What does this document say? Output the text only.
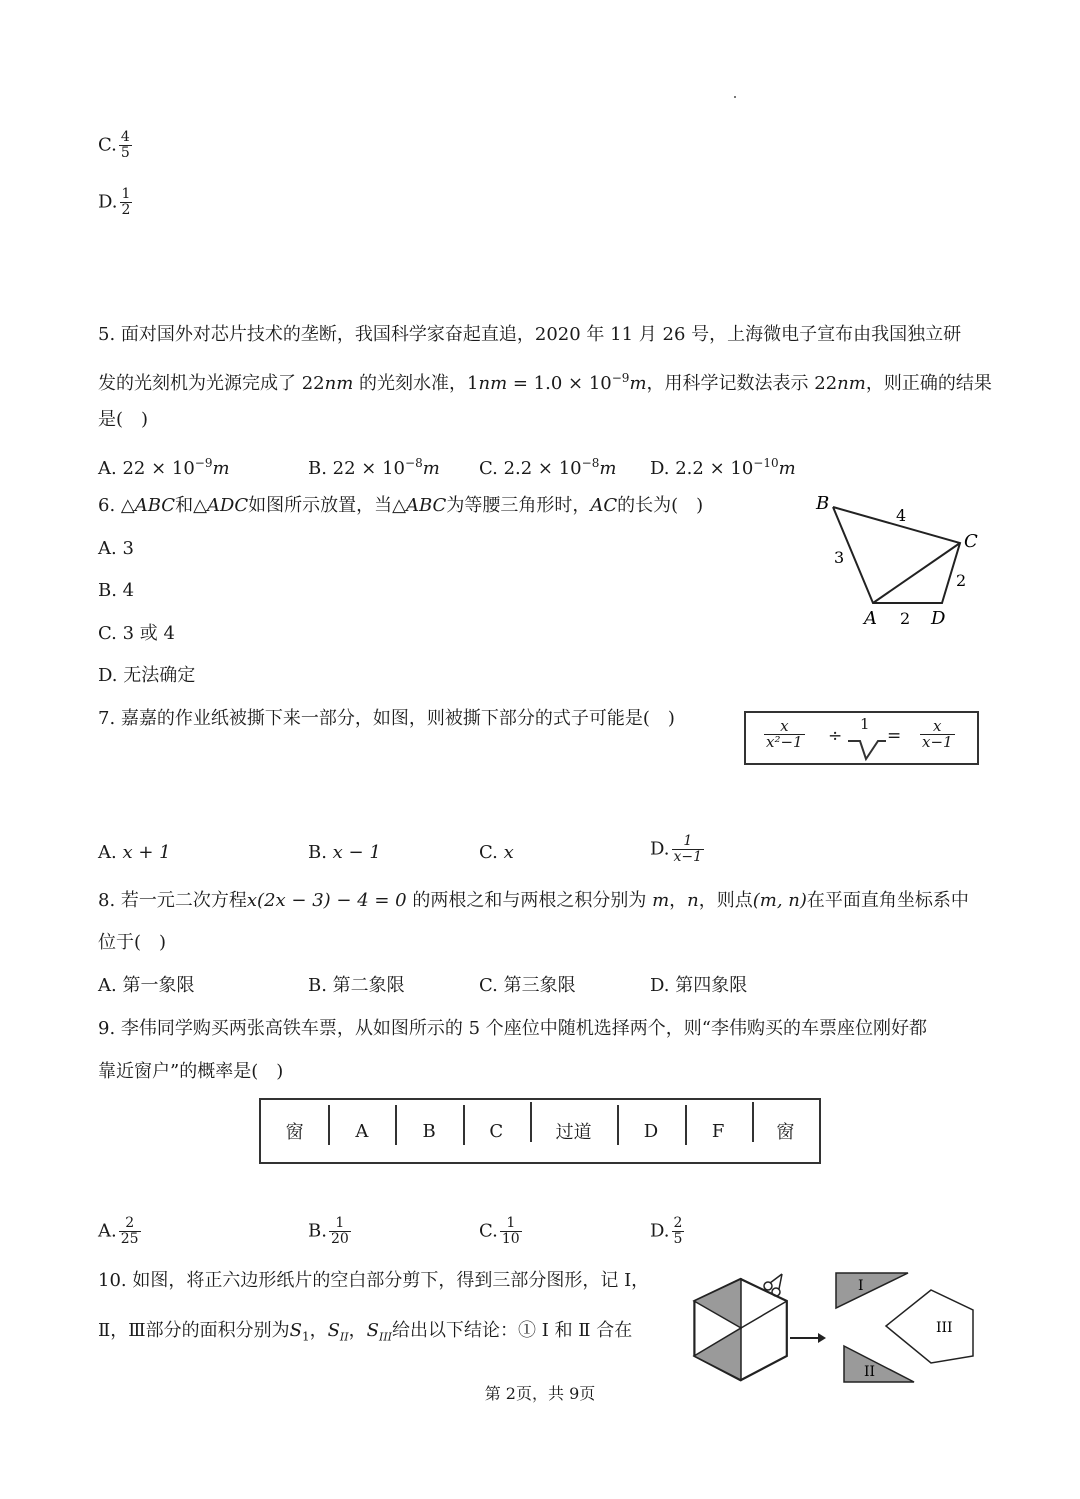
C. $\frac{4}{5}$
D. $\frac{1}{2}$
5. 面对国外对芯片技术的垄断，我国科学家奋起直追，2020 年 11 月 26 号，上海微电子宣布由我国独立研
发的光刻机为光源完成了 22nm 的光刻水准，$1nm = 1.0 \times 10^{-9}m$，用科学记数法表示 22nm，则正确的结果
是(　)
A. $22 \times 10^{-9}m$	B. $22 \times 10^{-8}m$ C. $2.2 \times 10^{-8}m$ D. $2.2 \times 10^{-10}m$
6. △ABC和△ADC如图所示放置，当△ABC为等腰三角形时，AC的长为(　)
A. 3
B. 4
C. 3 或 4
D. 无法确定
B
C
A	D
4
3
2
2
7. 嘉嘉的作业纸被撕下来一部分，如图，则被撕下部分的式子可能是(　)
$\frac{x}{\text{x²−1}}$ ÷
1
= $\frac{x}{x-1}$
A. x + 1	B. x − 1	C. x	D. $\frac{1}{x-1}$
8. 若一元二次方程x(2x − 3) − 4 = 0 的两根之和与两根之积分别为 m，n，则点(m, n)在平面直角坐标系中
位于(　)
A. 第一象限	B. 第二象限	C. 第三象限	D. 第四象限
9. 李伟同学购买两张高铁车票，从如图所示的 5 个座位中随机选择两个，则“李伟购买的车票座位刚好都
靠近窗户”的概率是(　)
窗	A	B	C	过道	D	F	窗
A. $\frac{2}{25}$	B. $\frac{1}{20}$	C. $\frac{1}{10}$	D. $\frac{2}{5}$
10. 如图，将正六边形纸片的空白部分剪下，得到三部分图形，记 Ⅰ，
Ⅱ，Ⅲ部分的面积分别为$S_1$，$S_{II}$，$S_{III}$给出以下结论：① Ⅰ 和 Ⅱ 合在
I
II
III
第 2页，共 9页
